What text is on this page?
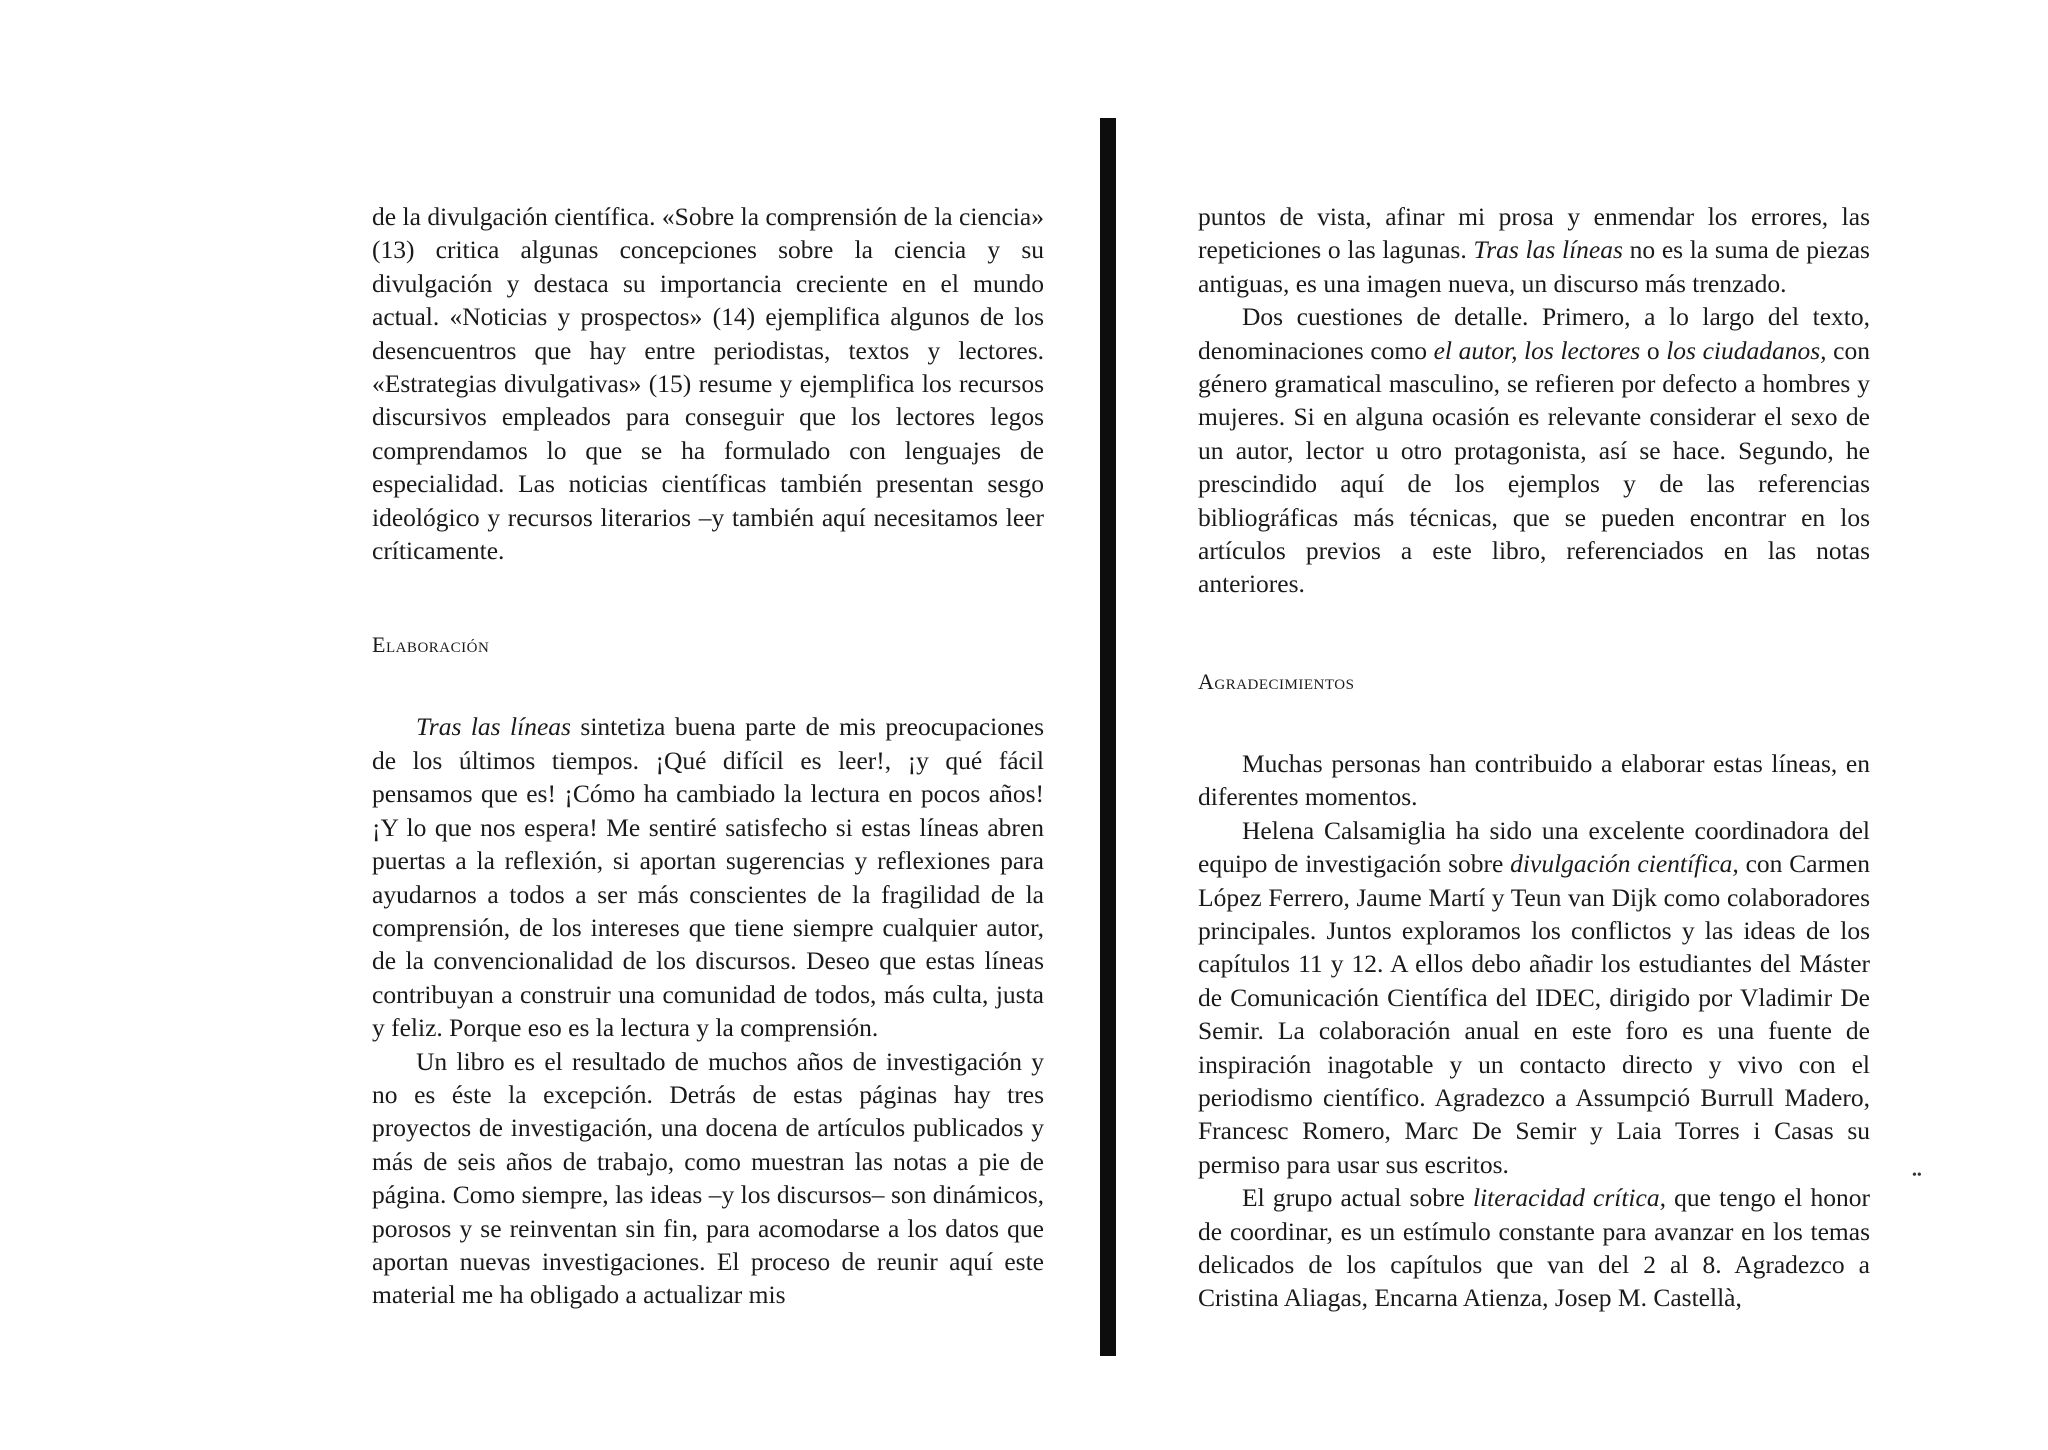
de la divulgación científica. «Sobre la comprensión de la ciencia» (13) critica algunas concepciones sobre la ciencia y su divulgación y destaca su importancia creciente en el mundo actual. «Noticias y prospectos» (14) ejemplifica algunos de los desencuentros que hay entre periodistas, textos y lectores. «Estrategias divulgativas» (15) resume y ejemplifica los recursos discursivos empleados para conseguir que los lectores legos comprendamos lo que se ha formulado con lenguajes de especialidad. Las noticias científicas también presentan sesgo ideológico y recursos literarios –y también aquí necesitamos leer críticamente.

Elaboración

Tras las líneas sintetiza buena parte de mis preocupaciones de los últimos tiempos. ¡Qué difícil es leer!, ¡y qué fácil pensamos que es! ¡Cómo ha cambiado la lectura en pocos años! ¡Y lo que nos espera! Me sentiré satisfecho si estas líneas abren puertas a la reflexión, si aportan sugerencias y reflexiones para ayudarnos a todos a ser más conscientes de la fragilidad de la comprensión, de los intereses que tiene siempre cualquier autor, de la convencionalidad de los discursos. Deseo que estas líneas contribuyan a construir una comunidad de todos, más culta, justa y feliz. Porque eso es la lectura y la comprensión.

Un libro es el resultado de muchos años de investigación y no es éste la excepción. Detrás de estas páginas hay tres proyectos de investigación, una docena de artículos publicados y más de seis años de trabajo, como muestran las notas a pie de página. Como siempre, las ideas –y los discursos– son dinámicos, porosos y se reinventan sin fin, para acomodarse a los datos que aportan nuevas investigaciones. El proceso de reunir aquí este material me ha obligado a actualizar mis

puntos de vista, afinar mi prosa y enmendar los errores, las repeticiones o las lagunas. Tras las líneas no es la suma de piezas antiguas, es una imagen nueva, un discurso más trenzado.

Dos cuestiones de detalle. Primero, a lo largo del texto, denominaciones como el autor, los lectores o los ciudadanos, con género gramatical masculino, se refieren por defecto a hombres y mujeres. Si en alguna ocasión es relevante considerar el sexo de un autor, lector u otro protagonista, así se hace. Segundo, he prescindido aquí de los ejemplos y de las referencias bibliográficas más técnicas, que se pueden encontrar en los artículos previos a este libro, referenciados en las notas anteriores.

Agradecimientos

Muchas personas han contribuido a elaborar estas líneas, en diferentes momentos.

Helena Calsamiglia ha sido una excelente coordinadora del equipo de investigación sobre divulgación científica, con Carmen López Ferrero, Jaume Martí y Teun van Dijk como colaboradores principales. Juntos exploramos los conflictos y las ideas de los capítulos 11 y 12. A ellos debo añadir los estudiantes del Máster de Comunicación Científica del IDEC, dirigido por Vladimir De Semir. La colaboración anual en este foro es una fuente de inspiración inagotable y un contacto directo y vivo con el periodismo científico. Agradezco a Assumpció Burrull Madero, Francesc Romero, Marc De Semir y Laia Torres i Casas su permiso para usar sus escritos.

El grupo actual sobre literacidad crítica, que tengo el honor de coordinar, es un estímulo constante para avanzar en los temas delicados de los capítulos que van del 2 al 8. Agradezco a Cristina Aliagas, Encarna Atienza, Josep M. Castellà,

••
